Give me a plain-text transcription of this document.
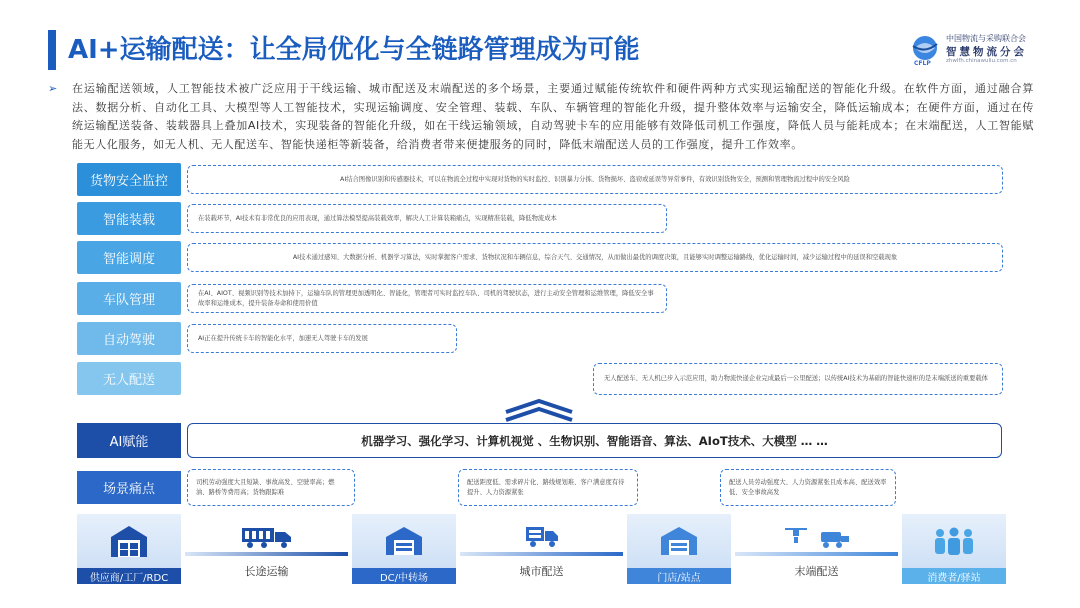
AI+运输配送：让全局优化与全链路管理成为可能	CFLP
中国物流与采购联合会
智慧物流分会
zhwlfh.chinawuliu.com.cn
➢ 在运输配送领域，人工智能技术被广泛应用于干线运输、城市配送及末端配送的多个场景，主要通过赋能传统软件和硬件两种方式实现运输配送的智能化升级。在软件方面，通过融合算法、数据分析、自动化工具、大模型等人工智能技术，实现运输调度、安全管理、装载、车队、车辆管理的智能化升级，提升整体效率与运输安全，降低运输成本；在硬件方面，通过在传统运输配送装备、装载器具上叠加AI技术，实现装备的智能化升级，如在干线运输领域，自动驾驶卡车的应用能够有效降低司机工作强度，降低人员与能耗成本；在末端配送，人工智能赋能无人化服务，如无人机、无人配送车、智能快递柜等新装备，给消费者带来便捷服务的同时，降低末端配送人员的工作强度，提升工作效率。
货物安全监控	AI结合图像识别和传感器技术，可以在物流全过程中实现对货物的实时监控、识别暴力分拣、货物损坏、盗窃或延误等异常事件，有效识别货物安全，预测和管理物流过程中的安全风险
智能装载	在装载环节，AI技术有非常优良的应用表现，通过算法模型提高装载效率，解决人工计算装箱痛点，实现精准装载，降低物流成本
智能调度	AI技术通过感知、大数据分析、机器学习算法，实时掌握客户需求、货物状况和车辆信息，综合天气、交通情况，从而做出最优的调度决策，且能够实时调整运输路线，优化运输时间，减少运输过程中的延误和空载现象
车队管理	在AI、AIOT、视频识别等技术加持下，运输车队的管理更加透明化、智能化，管理者可实时监控车队、司机的驾驶状态，进行主动安全管理和运维管理，降低安全事故率和运维成本，提升装备寿命和使用价值
自动驾驶	AI正在提升传统卡车的智能化水平，加速无人驾驶卡车的发展
无人配送	无人配送车、无人机已步入示范应用，助力物流快递企业完成最后一公里配送；以传统AI技术为基础的智能快递柜的是末端派送的重要载体
AI赋能	机器学习、强化学习、计算机视觉 、生物识别、智能语音、算法、AIoT技术、大模型 … …
场景痛点	司机劳动强度大且短缺、事故高发、空驶率高；燃油、路桥等费用高；货物跟踪难
配送距度低、需求碎片化、路线规划难、客户满意度有待提升、人力资源紧张
配送人员劳动强度大、人力资源紧张且成本高、配送效率低、安全事故高发
供应商/工厂/RDC	DC/中转场	门店/站点	消费者/驿站
长途运输	城市配送	末端配送
